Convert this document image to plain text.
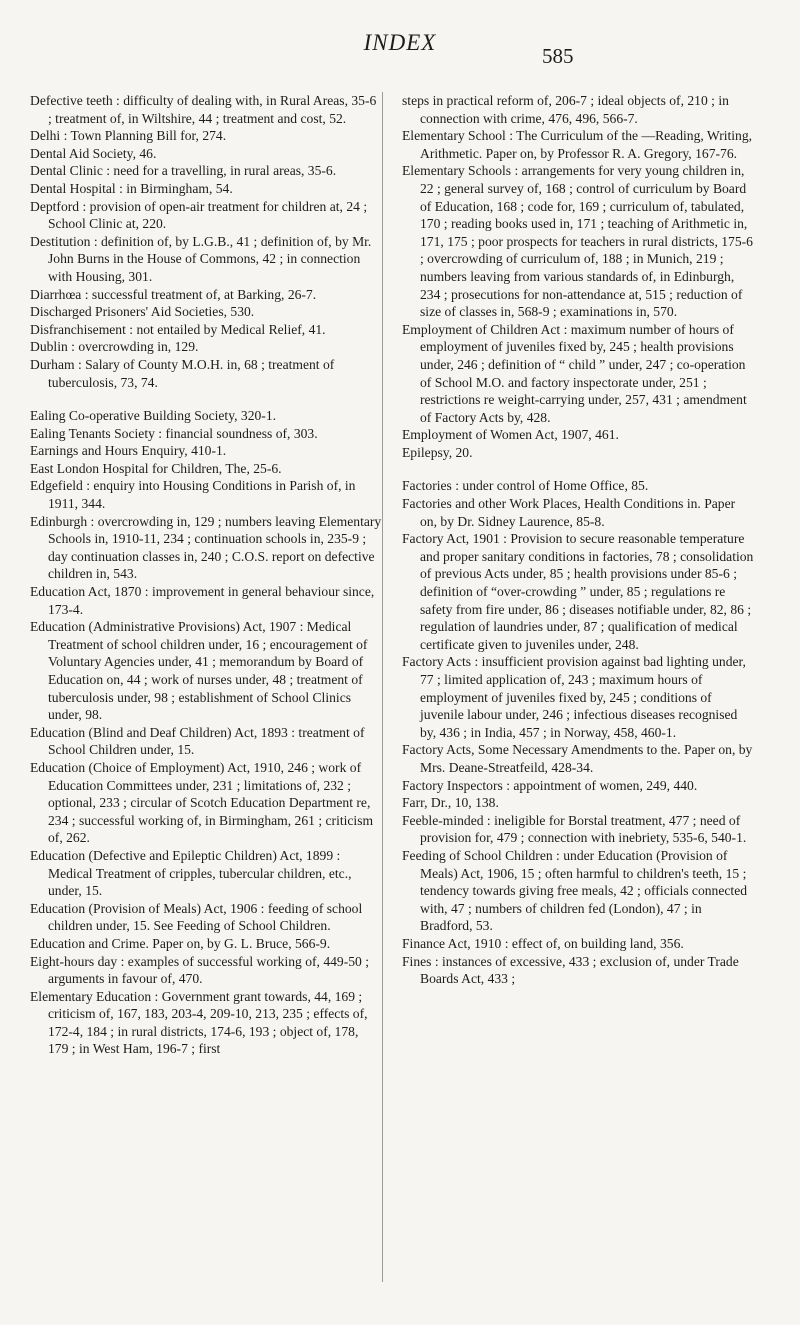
INDEX
585

Defective teeth : difficulty of dealing with, in Rural Areas, 35-6 ; treatment of, in Wiltshire, 44 ; treatment and cost, 52.

Delhi : Town Planning Bill for, 274.

Dental Aid Society, 46.

Dental Clinic : need for a travelling, in rural areas, 35-6.

Dental Hospital : in Birmingham, 54.

Deptford : provision of open-air treatment for children at, 24 ; School Clinic at, 220.

Destitution : definition of, by L.G.B., 41 ; definition of, by Mr. John Burns in the House of Commons, 42 ; in connection with Housing, 301.

Diarrhœa : successful treatment of, at Barking, 26-7.

Discharged Prisoners' Aid Societies, 530.

Disfranchisement : not entailed by Medical Relief, 41.

Dublin : overcrowding in, 129.

Durham : Salary of County M.O.H. in, 68 ; treatment of tuberculosis, 73, 74.

Ealing Co-operative Building Society, 320-1.

Ealing Tenants Society : financial soundness of, 303.

Earnings and Hours Enquiry, 410-1.

East London Hospital for Children, The, 25-6.

Edgefield : enquiry into Housing Conditions in Parish of, in 1911, 344.

Edinburgh : overcrowding in, 129 ; numbers leaving Elementary Schools in, 1910-11, 234 ; continuation schools in, 235-9 ; day continuation classes in, 240 ; C.O.S. report on defective children in, 543.

Education Act, 1870 : improvement in general behaviour since, 173-4.

Education (Administrative Provisions) Act, 1907 : Medical Treatment of school children under, 16 ; encouragement of Voluntary Agencies under, 41 ; memorandum by Board of Education on, 44 ; work of nurses under, 48 ; treatment of tuberculosis under, 98 ; establishment of School Clinics under, 98.

Education (Blind and Deaf Children) Act, 1893 : treatment of School Children under, 15.

Education (Choice of Employment) Act, 1910, 246 ; work of Education Committees under, 231 ; limitations of, 232 ; optional, 233 ; circular of Scotch Education Department re, 234 ; successful working of, in Birmingham, 261 ; criticism of, 262.

Education (Defective and Epileptic Children) Act, 1899 : Medical Treatment of cripples, tubercular children, etc., under, 15.

Education (Provision of Meals) Act, 1906 : feeding of school children under, 15. See Feeding of School Children.

Education and Crime. Paper on, by G. L. Bruce, 566-9.

Eight-hours day : examples of successful working of, 449-50 ; arguments in favour of, 470.

Elementary Education : Government grant towards, 44, 169 ; criticism of, 167, 183, 203-4, 209-10, 213, 235 ; effects of, 172-4, 184 ; in rural districts, 174-6, 193 ; object of, 178, 179 ; in West Ham, 196-7 ; first

steps in practical reform of, 206-7 ; ideal objects of, 210 ; in connection with crime, 476, 496, 566-7.

Elementary School : The Curriculum of the —Reading, Writing, Arithmetic. Paper on, by Professor R. A. Gregory, 167-76.

Elementary Schools : arrangements for very young children in, 22 ; general survey of, 168 ; control of curriculum by Board of Education, 168 ; code for, 169 ; curriculum of, tabulated, 170 ; reading books used in, 171 ; teaching of Arithmetic in, 171, 175 ; poor prospects for teachers in rural districts, 175-6 ; overcrowding of curriculum of, 188 ; in Munich, 219 ; numbers leaving from various standards of, in Edinburgh, 234 ; prosecutions for non-attendance at, 515 ; reduction of size of classes in, 568-9 ; examinations in, 570.

Employment of Children Act : maximum number of hours of employment of juveniles fixed by, 245 ; health provisions under, 246 ; definition of “ child ” under, 247 ; co-operation of School M.O. and factory inspectorate under, 251 ; restrictions re weight-carrying under, 257, 431 ; amendment of Factory Acts by, 428.

Employment of Women Act, 1907, 461.

Epilepsy, 20.

Factories : under control of Home Office, 85.

Factories and other Work Places, Health Conditions in. Paper on, by Dr. Sidney Laurence, 85-8.

Factory Act, 1901 : Provision to secure reasonable temperature and proper sanitary conditions in factories, 78 ; consolidation of previous Acts under, 85 ; health provisions under 85-6 ; definition of “over-crowding ” under, 85 ; regulations re safety from fire under, 86 ; diseases notifiable under, 82, 86 ; regulation of laundries under, 87 ; qualification of medical certificate given to juveniles under, 248.

Factory Acts : insufficient provision against bad lighting under, 77 ; limited application of, 243 ; maximum hours of employment of juveniles fixed by, 245 ; conditions of juvenile labour under, 246 ; infectious diseases recognised by, 436 ; in India, 457 ; in Norway, 458, 460-1.

Factory Acts, Some Necessary Amendments to the. Paper on, by Mrs. Deane-Streatfeild, 428-34.

Factory Inspectors : appointment of women, 249, 440.

Farr, Dr., 10, 138.

Feeble-minded : ineligible for Borstal treatment, 477 ; need of provision for, 479 ; connection with inebriety, 535-6, 540-1.

Feeding of School Children : under Education (Provision of Meals) Act, 1906, 15 ; often harmful to children's teeth, 15 ; tendency towards giving free meals, 42 ; officials connected with, 47 ; numbers of children fed (London), 47 ; in Bradford, 53.

Finance Act, 1910 : effect of, on building land, 356.

Fines : instances of excessive, 433 ; exclusion of, under Trade Boards Act, 433 ;
